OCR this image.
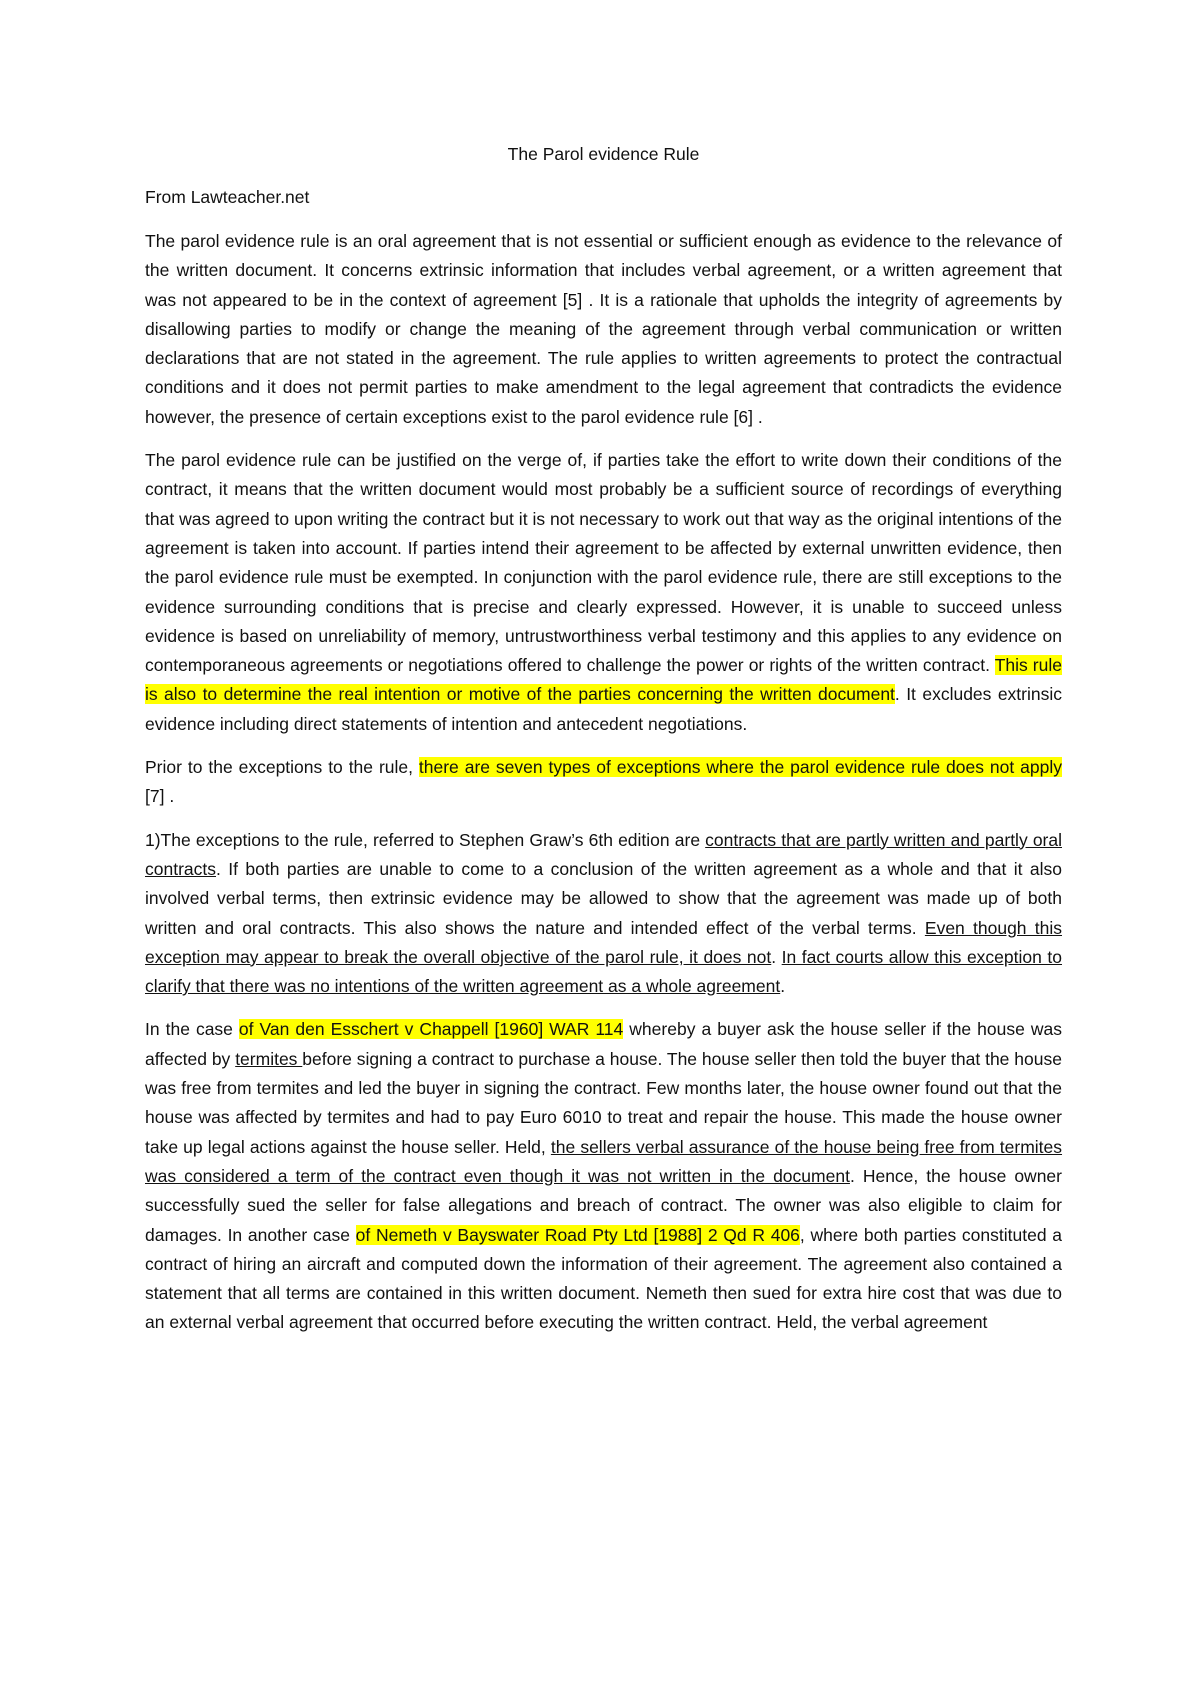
The Parol evidence Rule
From Lawteacher.net

The parol evidence rule is an oral agreement that is not essential or sufficient enough as evidence to the relevance of the written document. It concerns extrinsic information that includes verbal agreement, or a written agreement that was not appeared to be in the context of agreement [5] . It is a rationale that upholds the integrity of agreements by disallowing parties to modify or change the meaning of the agreement through verbal communication or written declarations that are not stated in the agreement. The rule applies to written agreements to protect the contractual conditions and it does not permit parties to make amendment to the legal agreement that contradicts the evidence however, the presence of certain exceptions exist to the parol evidence rule [6] .

The parol evidence rule can be justified on the verge of, if parties take the effort to write down their conditions of the contract, it means that the written document would most probably be a sufficient source of recordings of everything that was agreed to upon writing the contract but it is not necessary to work out that way as the original intentions of the agreement is taken into account. If parties intend their agreement to be affected by external unwritten evidence, then the parol evidence rule must be exempted. In conjunction with the parol evidence rule, there are still exceptions to the evidence surrounding conditions that is precise and clearly expressed. However, it is unable to succeed unless evidence is based on unreliability of memory, untrustworthiness verbal testimony and this applies to any evidence on contemporaneous agreements or negotiations offered to challenge the power or rights of the written contract. This rule is also to determine the real intention or motive of the parties concerning the written document. It excludes extrinsic evidence including direct statements of intention and antecedent negotiations.

Prior to the exceptions to the rule, there are seven types of exceptions where the parol evidence rule does not apply [7] .

1)The exceptions to the rule, referred to Stephen Graw’s 6th edition are contracts that are partly written and partly oral contracts. If both parties are unable to come to a conclusion of the written agreement as a whole and that it also involved verbal terms, then extrinsic evidence may be allowed to show that the agreement was made up of both written and oral contracts. This also shows the nature and intended effect of the verbal terms. Even though this exception may appear to break the overall objective of the parol rule, it does not. In fact courts allow this exception to clarify that there was no intentions of the written agreement as a whole agreement.

In the case of Van den Esschert v Chappell [1960] WAR 114 whereby a buyer ask the house seller if the house was affected by termites before signing a contract to purchase a house. The house seller then told the buyer that the house was free from termites and led the buyer in signing the contract. Few months later, the house owner found out that the house was affected by termites and had to pay Euro 6010 to treat and repair the house. This made the house owner take up legal actions against the house seller. Held, the sellers verbal assurance of the house being free from termites was considered a term of the contract even though it was not written in the document. Hence, the house owner successfully sued the seller for false allegations and breach of contract. The owner was also eligible to claim for damages. In another case of Nemeth v Bayswater Road Pty Ltd [1988] 2 Qd R 406, where both parties constituted a contract of hiring an aircraft and computed down the information of their agreement. The agreement also contained a statement that all terms are contained in this written document. Nemeth then sued for extra hire cost that was due to an external verbal agreement that occurred before executing the written contract. Held, the verbal agreement
